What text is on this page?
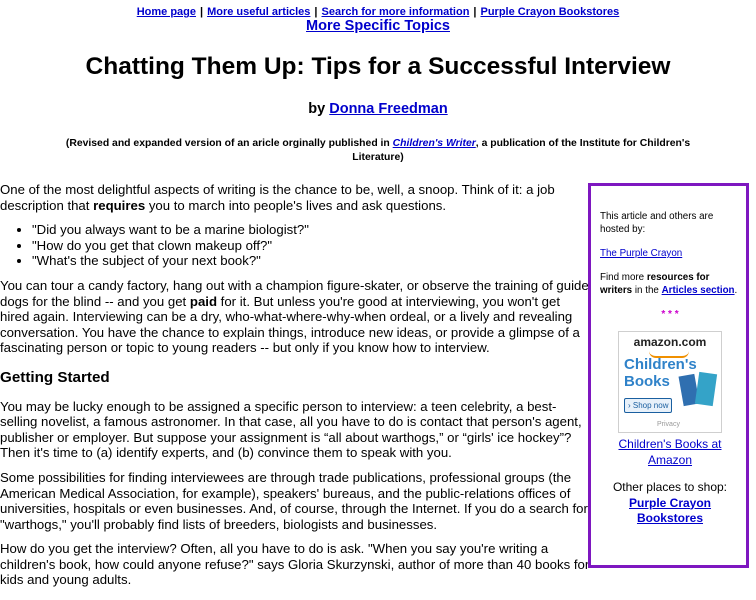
Home page | More useful articles | Search for more information | Purple Crayon Bookstores
More Specific Topics
Chatting Them Up: Tips for a Successful Interview
by Donna Freedman
(Revised and expanded version of an aricle orginally published in Children's Writer, a publication of the Institute for Children's Literature)

One of the most delightful aspects of writing is the chance to be, well, a snoop. Think of it: a job description that requires you to march into people's lives and ask questions.

• "Did you always want to be a marine biologist?"
• "How do you get that clown makeup off?"
• "What's the subject of your next book?"

You can tour a candy factory, hang out with a champion figure-skater, or observe the training of guide dogs for the blind -- and you get paid for it. But unless you're good at interviewing, you won't get hired again. Interviewing can be a dry, who-what-where-why-when ordeal, or a lively and revealing conversation. You have the chance to explain things, introduce new ideas, or provide a glimpse of a fascinating person or topic to young readers -- but only if you know how to interview.

Getting Started

You may be lucky enough to be assigned a specific person to interview: a teen celebrity, a best-selling novelist, a famous astronomer. In that case, all you have to do is contact that person's agent, publisher or employer. But suppose your assignment is “all about warthogs,” or “girls' ice hockey”? Then it's time to (a) identify experts, and (b) convince them to speak with you.

Some possibilities for finding interviewees are through trade publications, professional groups (the American Medical Association, for example), speakers' bureaus, and the public-relations offices of universities, hospitals or even businesses. And, of course, through the Internet. If you do a search for "warthogs," you'll probably find lists of breeders, biologists and businesses.

How do you get the interview? Often, all you have to do is ask. "When you say you're writing a children's book, how could anyone refuse?" says Gloria Skurzynski, author of more than 40 books for kids and young adults.

This article and others are hosted by:

The Purple Crayon

Find more resources for writers in the Articles section.

* * *
amazon.com
Children's Books
› Shop now
Privacy
Children's Books at Amazon
Other places to shop:
Purple Crayon Bookstores
